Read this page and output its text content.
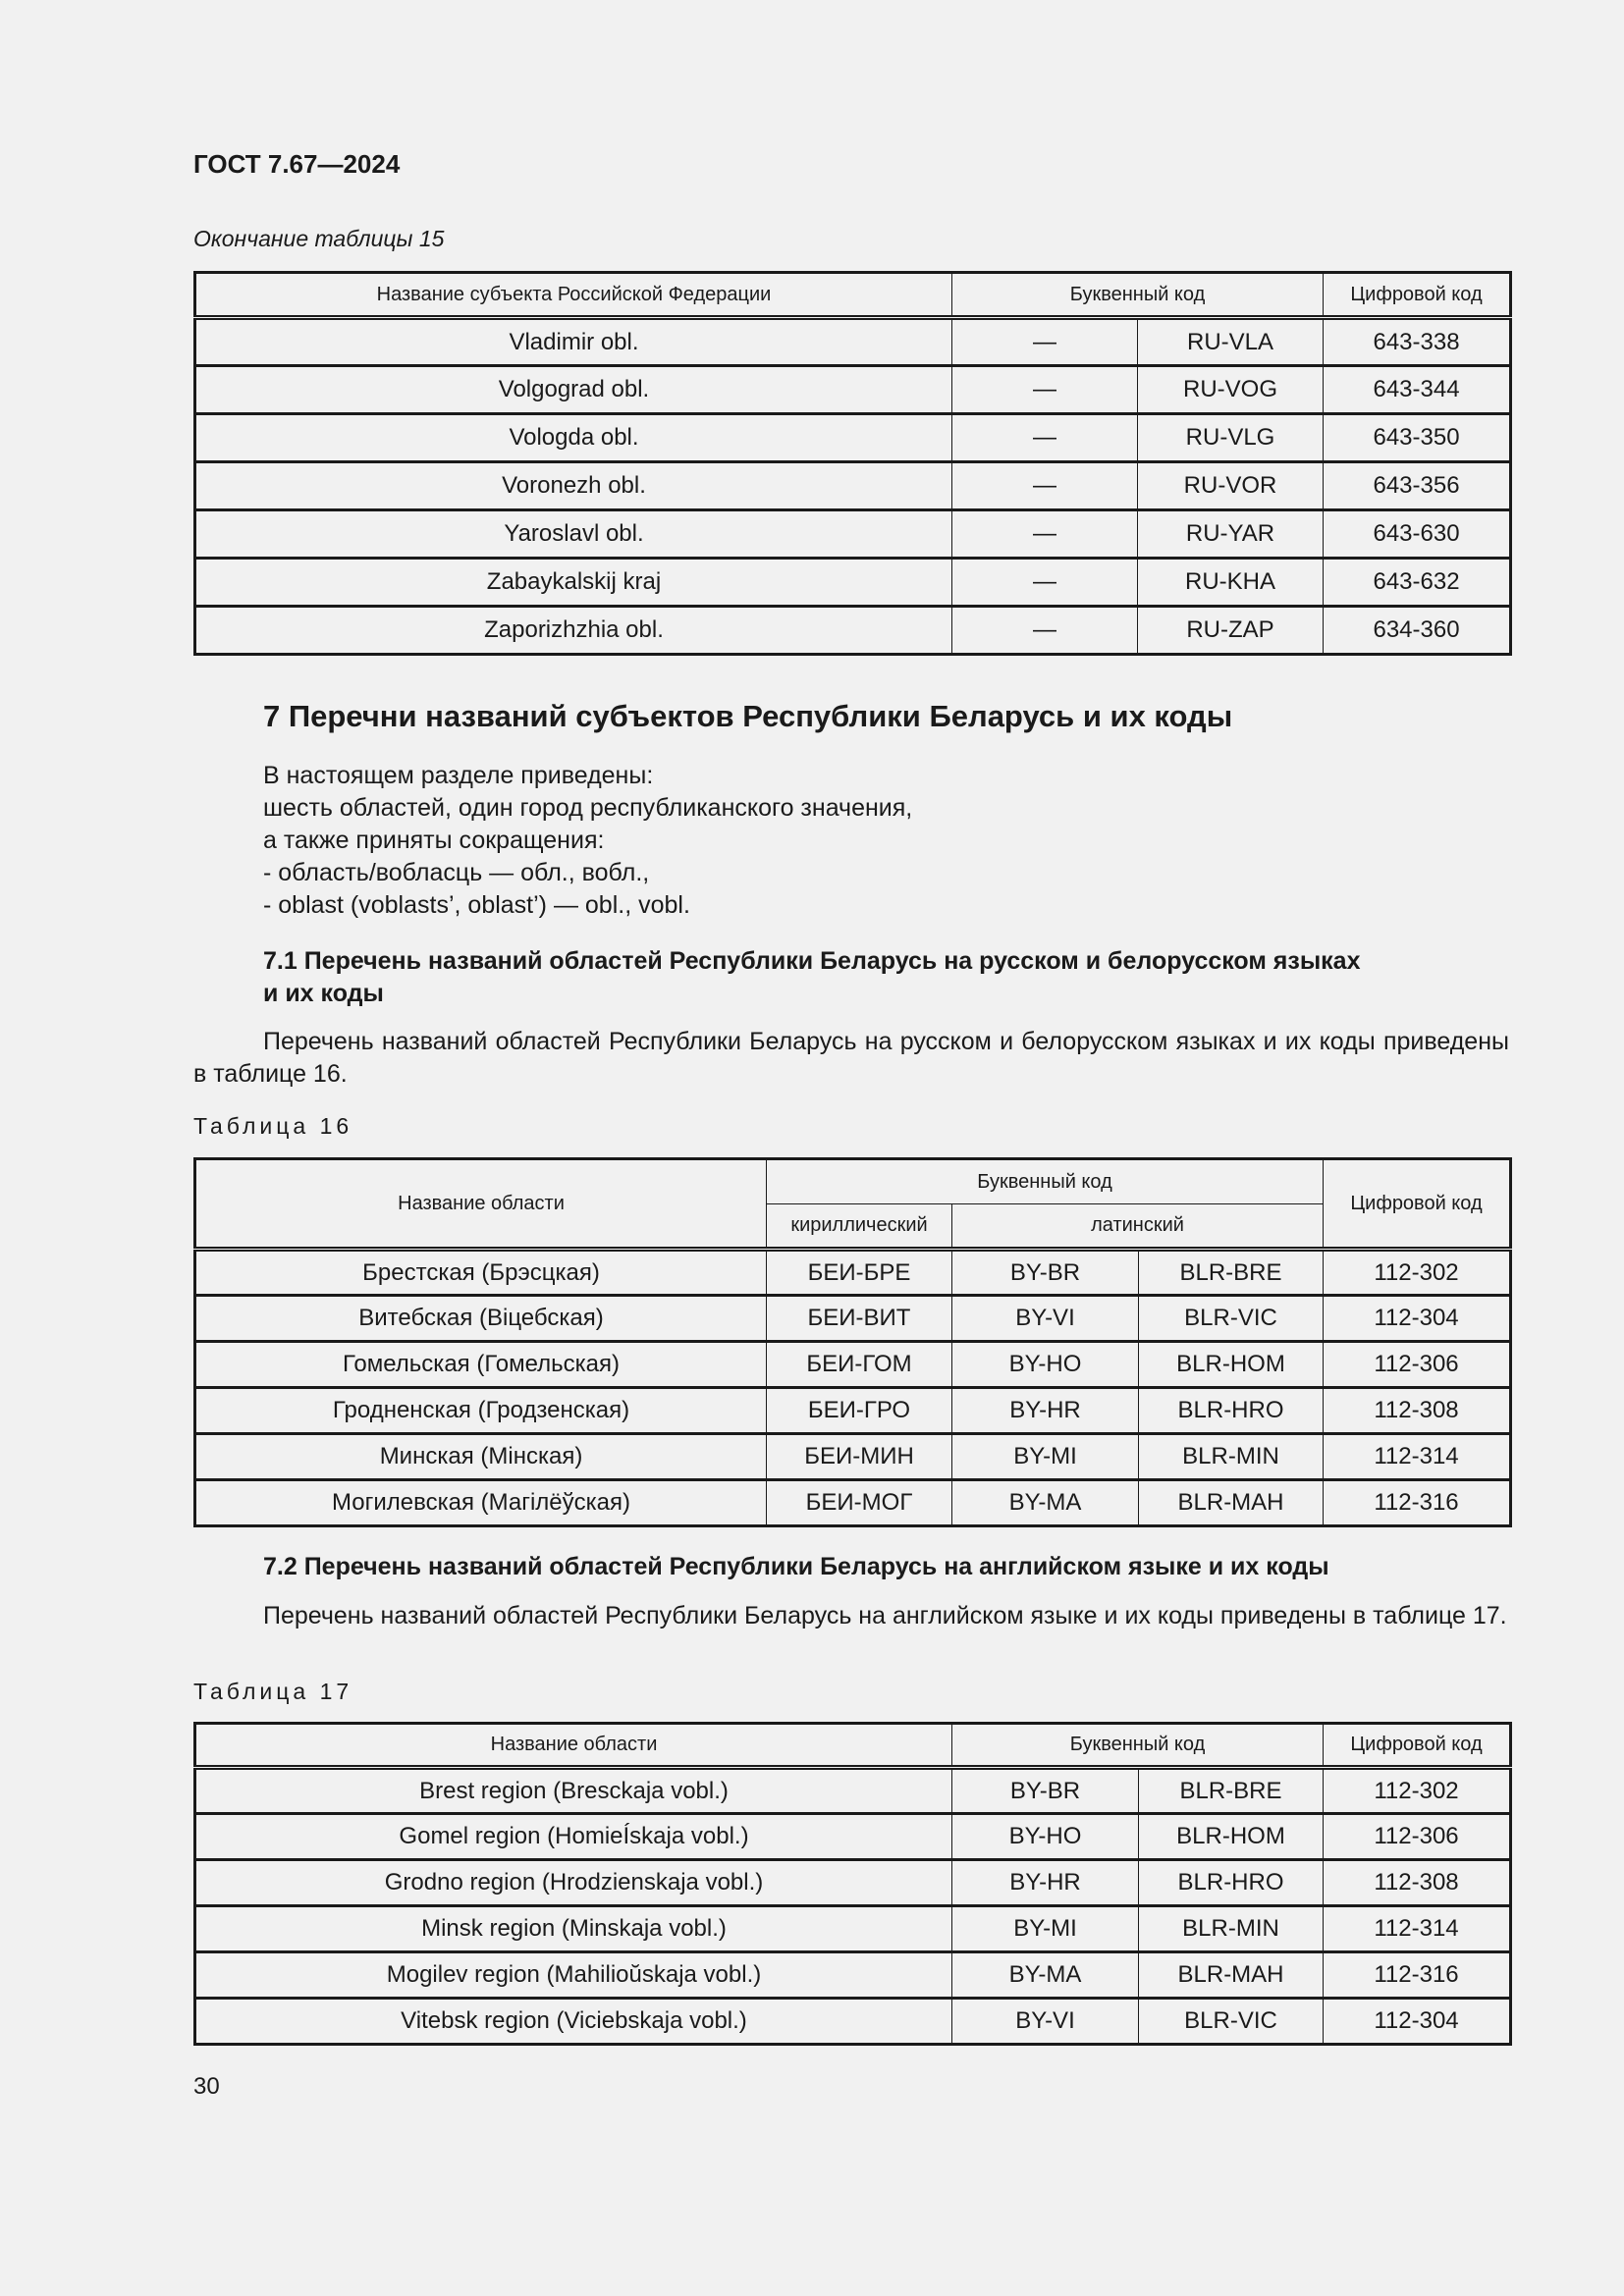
ГОСТ 7.67—2024
Окончание таблицы 15
Название субъекта Российской Федерации	Буквенный код		Цифровой код
Vladimir obl.	—	RU-VLA	643-338
Volgograd obl.	—	RU-VOG	643-344
Vologda obl.	—	RU-VLG	643-350
Voronezh obl.	—	RU-VOR	643-356
Yaroslavl obl.	—	RU-YAR	643-630
Zabaykalskij kraj	—	RU-KHA	643-632
Zaporizhzhia obl.	—	RU-ZAP	634-360
7 Перечни названий субъектов Республики Беларусь и их коды
В настоящем разделе приведены:
шесть областей, один город республиканского значения,
а также приняты сокращения:
- область/вобласць — обл., вобл.,
- oblast (voblasts’, oblast’) — obl., vobl.
7.1 Перечень названий областей Республики Беларусь на русском и белорусском языках
и их коды
Перечень названий областей Республики Беларусь на русском и белорусском языках и их коды приведены в таблице 16.
Таблица 16
Название области	Буквенный код			Цифровой код
	кириллический	латинский		
Брестская (Брэсцкая)	БЕИ-БРЕ	BY-BR	BLR-BRE	112-302
Витебская (Віцебская)	БЕИ-ВИТ	BY-VI	BLR-VIC	112-304
Гомельская (Гомельская)	БЕИ-ГОМ	BY-HO	BLR-HOM	112-306
Гродненская (Гродзенская)	БЕИ-ГРО	BY-HR	BLR-HRO	112-308
Минская (Мінская)	БЕИ-МИН	BY-MI	BLR-MIN	112-314
Могилевская (Магілёўская)	БЕИ-МОГ	BY-MA	BLR-MAH	112-316
7.2 Перечень названий областей Республики Беларусь на английском языке и их коды
Перечень названий областей Республики Беларусь на английском языке и их коды приведены в таблице 17.
Таблица 17
Название области	Буквенный код		Цифровой код
Brest region (Bresckaja vobl.)	BY-BR	BLR-BRE	112-302
Gomel region (HomieÍskaja vobl.)	BY-HO	BLR-HOM	112-306
Grodno region (Hrodzienskaja vobl.)	BY-HR	BLR-HRO	112-308
Minsk region (Minskaja vobl.)	BY-MI	BLR-MIN	112-314
Mogilev region (Mahilioŭskaja vobl.)	BY-MA	BLR-MAH	112-316
Vitebsk region (Viciebskaja vobl.)	BY-VI	BLR-VIC	112-304
30
